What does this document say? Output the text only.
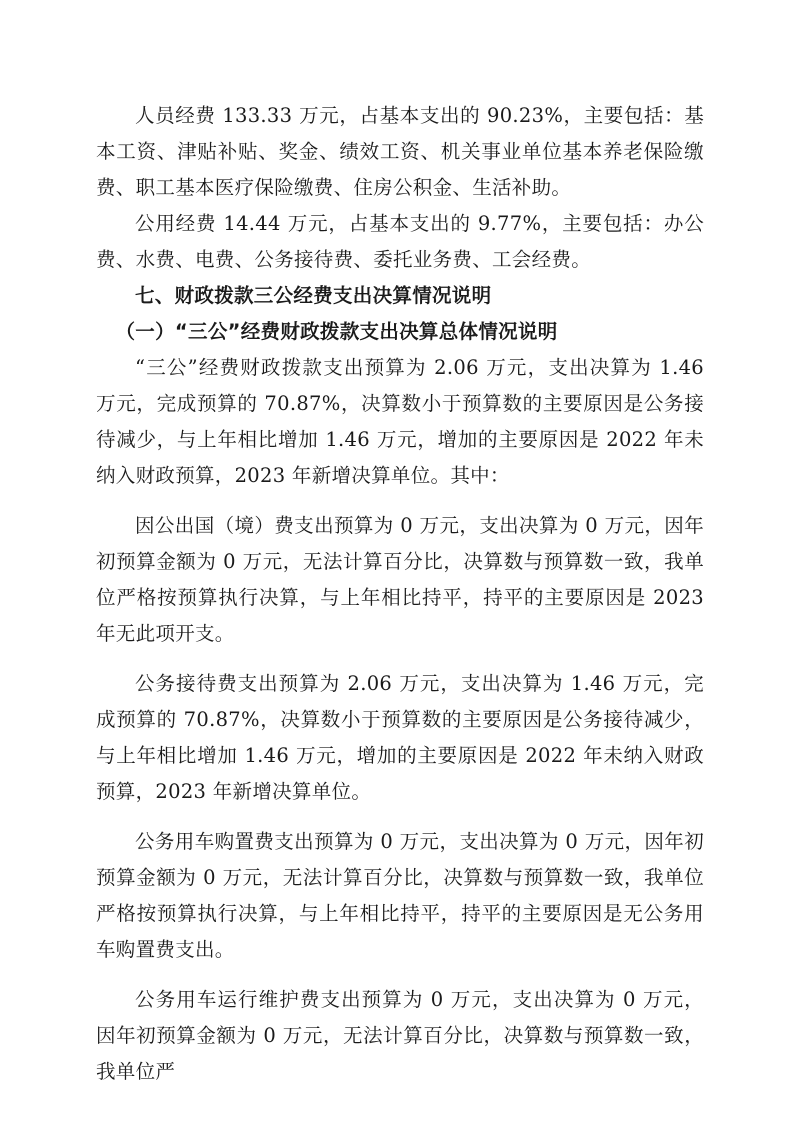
人员经费 133.33 万元，占基本支出的 90.23%，主要包括：基本工资、津贴补贴、奖金、绩效工资、机关事业单位基本养老保险缴费、职工基本医疗保险缴费、住房公积金、生活补助。

公用经费 14.44 万元，占基本支出的 9.77%，主要包括：办公费、水费、电费、公务接待费、委托业务费、工会经费。

七、财政拨款三公经费支出决算情况说明

（一）“三公”经费财政拨款支出决算总体情况说明

“三公”经费财政拨款支出预算为 2.06 万元，支出决算为 1.46 万元，完成预算的 70.87%，决算数小于预算数的主要原因是公务接待减少，与上年相比增加 1.46 万元，增加的主要原因是 2022 年未纳入财政预算，2023 年新增决算单位。其中：

因公出国（境）费支出预算为 0 万元，支出决算为 0 万元，因年初预算金额为 0 万元，无法计算百分比，决算数与预算数一致，我单位严格按预算执行决算，与上年相比持平，持平的主要原因是 2023 年无此项开支。

公务接待费支出预算为 2.06 万元，支出决算为 1.46 万元，完成预算的 70.87%，决算数小于预算数的主要原因是公务接待减少，与上年相比增加 1.46 万元，增加的主要原因是 2022 年未纳入财政预算，2023 年新增决算单位。

公务用车购置费支出预算为 0 万元，支出决算为 0 万元，因年初预算金额为 0 万元，无法计算百分比，决算数与预算数一致，我单位严格按预算执行决算，与上年相比持平，持平的主要原因是无公务用车购置费支出。

公务用车运行维护费支出预算为 0 万元，支出决算为 0 万元， 因年初预算金额为 0 万元，无法计算百分比，决算数与预算数一致，我单位严
